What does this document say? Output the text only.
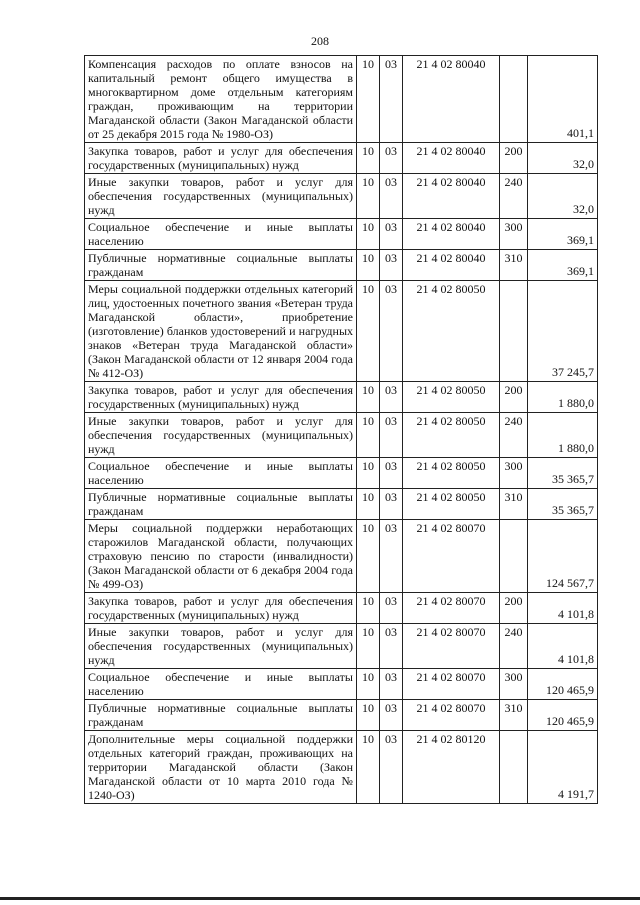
208
Компенсация расходов по оплате взносов на капитальный ремонт общего имущества в многоквартирном доме отдельным категориям граждан, проживающим на территории Магаданской области (Закон Магаданской области от 25 декабря 2015 года № 1980-ОЗ)	10	03	21 4 02 80040		401,1
Закупка товаров, работ и услуг для обеспечения государственных (муниципальных) нужд	10	03	21 4 02 80040	200	32,0
Иные закупки товаров, работ и услуг для обеспечения государственных (муниципальных) нужд	10	03	21 4 02 80040	240	32,0
Социальное обеспечение и иные выплаты населению	10	03	21 4 02 80040	300	369,1
Публичные нормативные социальные выплаты гражданам	10	03	21 4 02 80040	310	369,1
Меры социальной поддержки отдельных категорий лиц, удостоенных почетного звания «Ветеран труда Магаданской области», приобретение (изготовление) бланков удостоверений и нагрудных знаков «Ветеран труда Магаданской области» (Закон Магаданской области от 12 января 2004 года № 412-ОЗ)	10	03	21 4 02 80050		37 245,7
Закупка товаров, работ и услуг для обеспечения государственных (муниципальных) нужд	10	03	21 4 02 80050	200	1 880,0
Иные закупки товаров, работ и услуг для обеспечения государственных (муниципальных) нужд	10	03	21 4 02 80050	240	1 880,0
Социальное обеспечение и иные выплаты населению	10	03	21 4 02 80050	300	35 365,7
Публичные нормативные социальные выплаты гражданам	10	03	21 4 02 80050	310	35 365,7
Меры социальной поддержки неработающих старожилов Магаданской области, получающих страховую пенсию по старости (инвалидности) (Закон Магаданской области от 6 декабря 2004 года № 499-ОЗ)	10	03	21 4 02 80070		124 567,7
Закупка товаров, работ и услуг для обеспечения государственных (муниципальных) нужд	10	03	21 4 02 80070	200	4 101,8
Иные закупки товаров, работ и услуг для обеспечения государственных (муниципальных) нужд	10	03	21 4 02 80070	240	4 101,8
Социальное обеспечение и иные выплаты населению	10	03	21 4 02 80070	300	120 465,9
Публичные нормативные социальные выплаты гражданам	10	03	21 4 02 80070	310	120 465,9
Дополнительные меры социальной поддержки отдельных категорий граждан, проживающих на территории Магаданской области (Закон Магаданской области от 10 марта 2010 года № 1240-ОЗ)	10	03	21 4 02 80120		4 191,7
